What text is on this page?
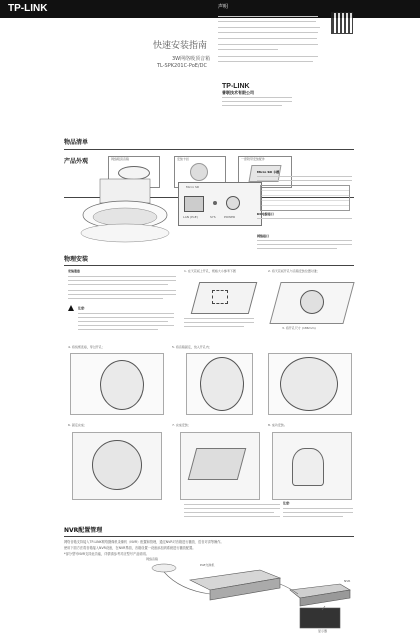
TP-LINK
快速安装指南
3W网络吸顶音箱
TL-SPK201C-PoE/DC
声明
TP-LINK
普联技术有限公司
物品清单
网络吸顶音箱	安装卡扣	一套附带安装配件
产品外观
Micro SD
LAN (PoE)	SYS	POWER
Micro SD 卡槽
DC电源接口
网络接口
物理安装
安装准备
注意：
1. 在天花板上开孔，规格大小参考下图	2. 将天花板开孔与音箱安装位置对准；
3. 将开孔尺寸 (186mm)
4. 将线缆连接，穿过开孔；	5. 将音箱固定，放入开孔内；
6. 固定完成；	7. 完成安装；	8. 成功安装。
注意：
NVR配置管理
网络音箱支持接入TP-LINK网络摄像机录像机（NVR）配置和管理，通过NVR对音箱进行播放、语音对讲等操作。
使用下面方法将音箱接入NVR设备，在NVR界面，音箱设置一设备添加到系统进行播放配置。
*部分型号NVR支持此功能，详情请参考对应型号产品说明。
网络音箱
PoE交换机
NVR
显示器
